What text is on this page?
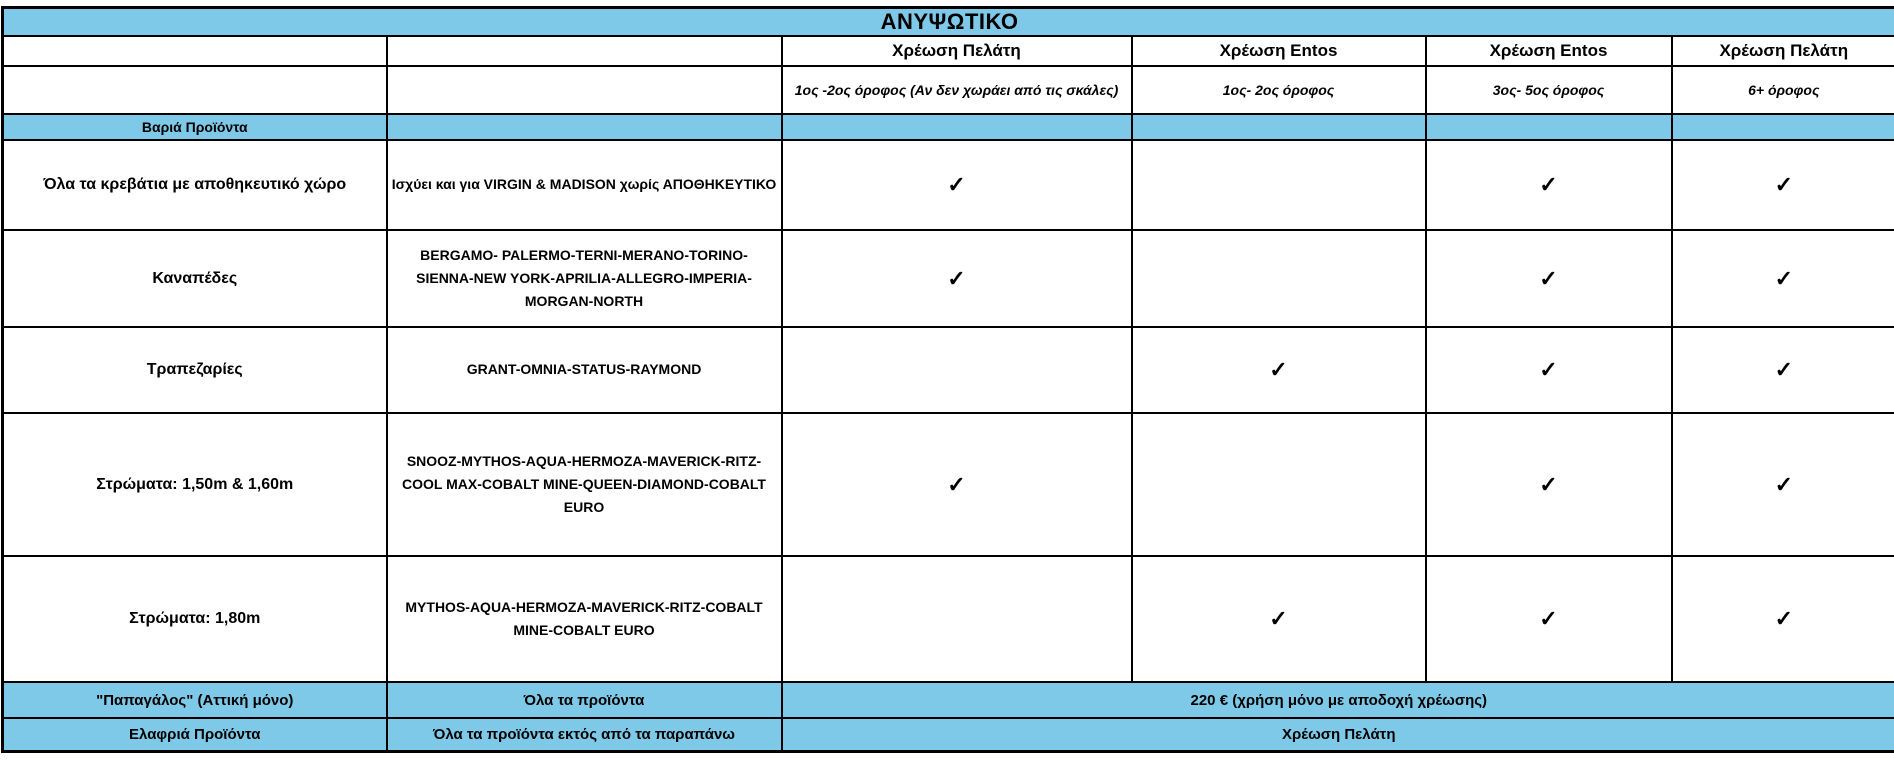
ΑΝΥΨΩΤΙΚΟ					
		Χρέωση Πελάτη	Χρέωση Entos	Χρέωση Entos	Χρέωση Πελάτη
		1ος -2ος όροφος (Αν δεν χωράει από τις σκάλες)	1ος- 2ος όροφος	3ος- 5ος όροφος	6+ όροφος
Βαριά Προϊόντα					
Όλα τα κρεβάτια με αποθηκευτικό χώρο	Ισχύει και για VIRGIN & MADISON χωρίς ΑΠΟΘΗΚΕΥΤΙΚΟ	✓		✓	✓
Καναπέδες	BERGAMO- PALERMO-TERNI-MERANO-TORINO-SIENNA-NEW YORK-APRILIA-ALLEGRO-IMPERIA-MORGAN-NORTH	✓		✓	✓
Τραπεζαρίες	GRANT-OMNIA-STATUS-RAYMOND		✓	✓	✓
Στρώματα: 1,50m & 1,60m	SNOOZ-MYTHOS-AQUA-HERMOZA-MAVERICK-RITZ-COOL MAX-COBALT MINE-QUEEN-DIAMOND-COBALT EURO	✓		✓	✓
Στρώματα: 1,80m	MYTHOS-AQUA-HERMOZA-MAVERICK-RITZ-COBALT MINE-COBALT EURO		✓	✓	✓
"Παπαγάλος" (Αττική μόνο)	Όλα τα προϊόντα	220 € (χρήση μόνο με αποδοχή χρέωσης)			
Ελαφριά Προϊόντα	Όλα τα προϊόντα εκτός από τα παραπάνω	Χρέωση Πελάτη			
